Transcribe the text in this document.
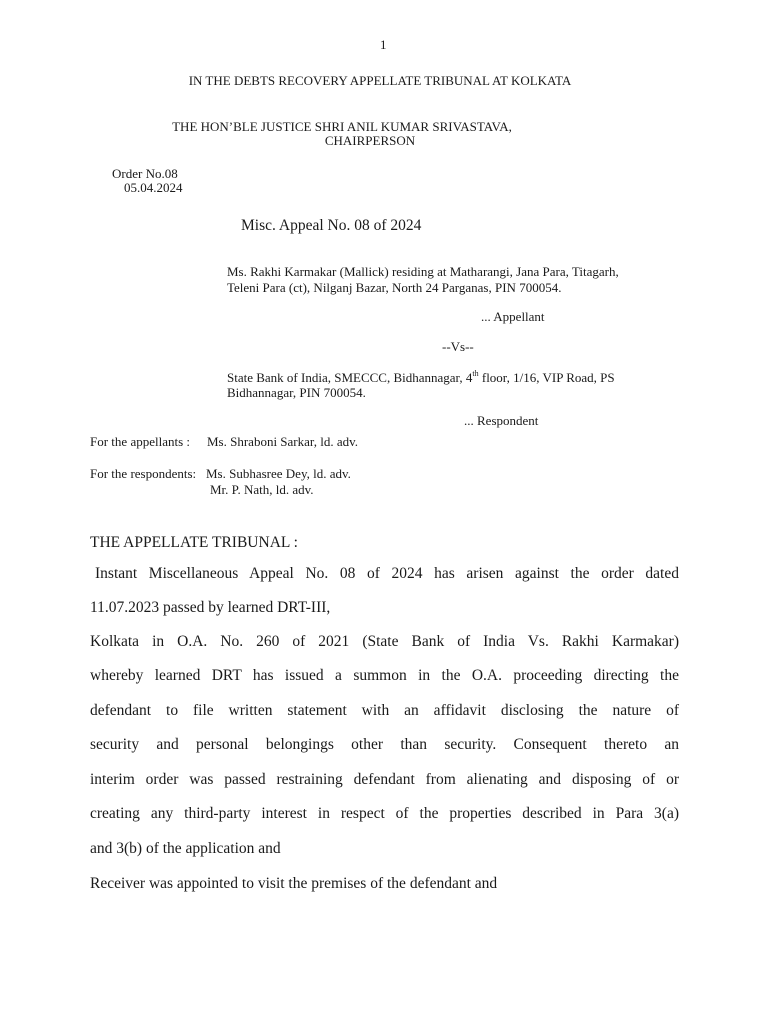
1
IN THE DEBTS RECOVERY APPELLATE TRIBUNAL AT KOLKATA
THE HON’BLE JUSTICE SHRI ANIL KUMAR SRIVASTAVA,
CHAIRPERSON
Order No.08
05.04.2024
Misc. Appeal No. 08 of 2024
Ms. Rakhi Karmakar (Mallick) residing at Matharangi, Jana Para, Titagarh,
Teleni Para (ct), Nilganj Bazar, North 24 Parganas, PIN 700054.
... Appellant
--Vs--
State Bank of India, SMECCC, Bidhannagar, 4th floor, 1/16, VIP Road, PS
Bidhannagar, PIN 700054.
... Respondent
For the appellants : Ms. Shraboni Sarkar, ld. adv.
For the respondents: Ms. Subhasree Dey, ld. adv.
Mr. P. Nath, ld. adv.
THE APPELLATE TRIBUNAL :
Instant Miscellaneous Appeal No. 08 of 2024 has arisen against the order dated
11.07.2023 passed by learned DRT-III,
Kolkata in O.A. No. 260 of 2021 (State Bank of India Vs. Rakhi Karmakar)
whereby learned DRT has issued a summon in the O.A. proceeding directing the
defendant to file written statement with an affidavit disclosing the nature of
security and personal belongings other than security. Consequent thereto an
interim order was passed restraining defendant from alienating and disposing of or
creating any third-party interest in respect of the properties described in Para 3(a)
and 3(b) of the application and
Receiver was appointed to visit the premises of the defendant and
